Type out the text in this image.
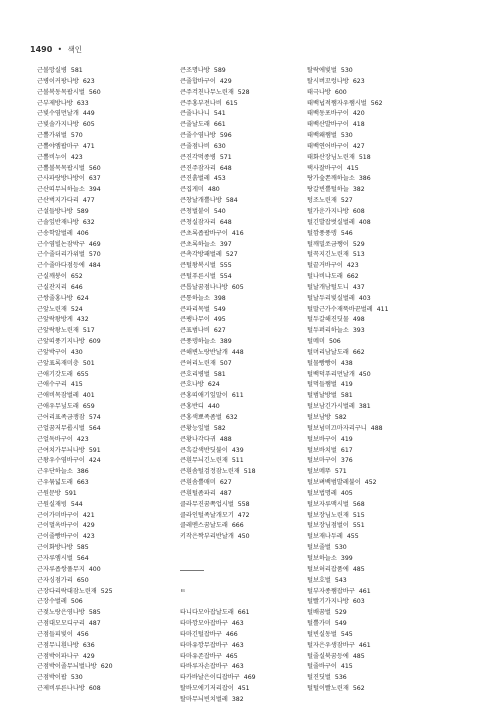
1490 • 색인
근볼망실병 581
근병이커팡나방 623
근볼복동목팝시벌 560
근부제방나방 633
근빛수염먼날개 449
근빛솔가지나방 605
근뽈가위벌 570
근뽈야엠팝마구 471
근뽈비누이 423
근뽈볼목목팝시벌 560
근사파랑방나방이 637
근산띠무늬하늘소 394
근산벅지가다리 477
근설들방나방 589
근솔잎반재나방 632
근송학알벌레 406
근수염빌논잠박구 469
근수줄더리가위벌 570
근수줄마다점등에 484
근실깨붕이 652
근실잔지리 646
근쌍줄홍나방 624
근앞노린재 524
근앞락왕방게 432
근앞락왕노린재 517
근앞띠풍기지나방 609
근앞박구이 430
근앞표록재미충 501
근애기갓도래 655
근애수구리 415
근애비목잠벌레 401
근애우무닢도래 659
근어리표족금쟁잠 574
근얼꿈저무룹시벌 564
근얼독바구이 423
근여치가무늬나방 591
근왕우수염바구이 424
근우단하늘소 386
근우묶넓도래 663
근원문방 591
근원실재빙 544
근이가미바구이 421
근이멀옥바구이 429
근이줄빵바구이 423
근이화방나방 585
근자루엠시벌 564
근자루좁쌍풀무지 400
근자싱점가리 650
근장다리락대잠노린재 525
근장수벌레 506
근젖노랑은영나방 585
근점대모모디구리 487
근점들피빛이 456
근점무니흰나방 636
근점박이파나구 429
근점박이졸무늬벌나방 620
근점박이팝 530
근제비루른나나방 608
큰조명나방 589
큰줄합바구이 429
큰주걱친나무노린재 528
큰주홍부전나비 615
큰줄나나니 541
큰줄날도래 661
큰줄수염나방 596
큰줄점나비 630
큰진각먹종병 571
큰진주잠자리 648
큰진흙벌레 453
큰집게미 480
큰창날개뿔나방 584
큰청벌붙이 540
큰청실잠자리 648
큰초록좁팝바구이 416
큰초록하늘소 397
큰촉각방패벌레 527
큰털왕복시벌 555
큰털푸른시벌 554
큰톱날꿈점나나방 605
큰통하늘소 398
큰파리목벌 549
큰팽나무이 495
큰표범나비 627
큰풍뎅하늘소 389
큰해변노랑반날개 448
큰허리노린재 507
큰호리병벌 581
큰호나방 624
큰홍띠애기잎말이 611
큰홍반디 440
큰홍색뾰족좀벌 632
큰황능잎벌 582
큰황나각다귀 488
큰흑갈색반딧불이 439
큰흰무늬긴노린재 511
큰흰솜털검정잠노린재 518
큰흰솜뿔매미 627
큰흰털좀파리 487
클라무진꿈쪽업시벌 558
클라인털족날개모기 472
클레멘스꿈날도래 666
키작은짝부리반날개 450
ㅌ
타니다모아잡날도래 661
타마깡모아잡바구 463
타마긴털잡바구 466
타마유깡무잡바구 463
타마유존잡바구 465
타바루자손잡바구 463
타카바날은이디잡바구 469
탈바모에기저리잡이 451
탈마무늬빈치벌레 382
탈락에빛벌 530
탈시버꼬렁나방 623
태극나방 600
태백넙적쨈자우쨈시벌 562
태백동포바구이 420
태백산발바구이 418
태백왜쨈벌 530
태백연어바구이 427
태화산장님노린재 518
택사잘바구이 415
탕가숲쫀깨하늘소 386
탕갈빈뿔털하늘 382
텅조노린재 527
털가운가지나방 608
털긴발잡벗실벌레 408
털깜풍풍뎅 546
털깨밀쏘금쨍이 529
털꼭지긴노린재 513
털끝거바구이 423
털나비냐도래 662
털날개남털도니 437
털날두리빛실벌레 403
털말근가수재뚝바꾼벌레 411
털두갈해진딧물 498
털두퍼리하늘소 393
털메미 506
털머리남날도래 662
털물빵빵이 438
털백덕푸리먼날개 450
털먹들쨈벌 419
털범날방벌 581
털보남긴가시벌레 381
털보남방 582
털보넘미끄마자리구니 488
털보바구이 419
털보바치벌 617
털보마구이 376
털보메뚜 571
털보벼백범발레불이 452
털보법명레 405
털보자루맥시벌 568
털보장님노린재 515
털보장님점벌이 551
털보재나두레 455
털보줄벌 530
털보하늘소 399
털보허리잡품에 485
털보호벌 543
털부자종쨈잡바구 461
털빨기가지나방 603
털배꿈벌 529
털뿔가미 549
털빈실동벌 545
털자은우생잠바구 461
털줄실북꿈등에 485
털줄바구이 415
털진딧벌 536
털털이빨노린재 562
